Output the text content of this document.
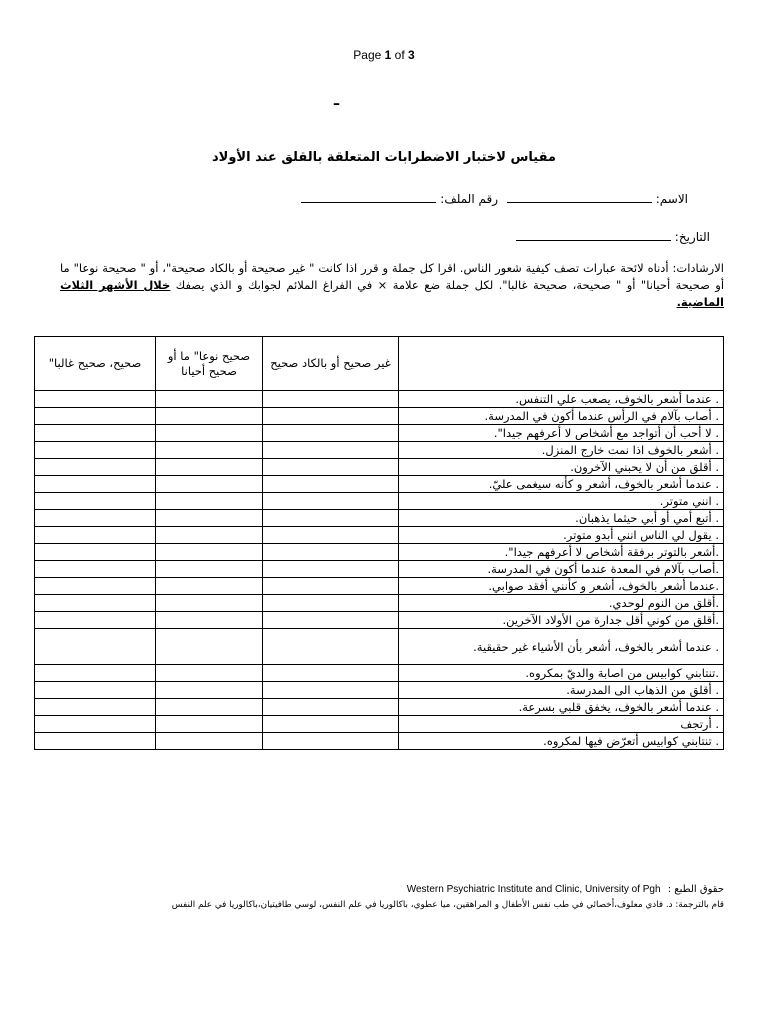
Page 1 of 3
–
مقياس لاختبار الاضطرابات المتعلقة بالقلق عند الأولاد
الاسم:
رقم الملف:
التاريخ:
الارشادات: أدناه لائحة عبارات تصف كيفية شعور الناس. اقرا كل جملة و قرر اذا كانت " غير صحيحة أو بالكاد صحيحة"، أو " صحيحة نوعا" ما أو صحيحة أحيانا" أو " صحيحة، صحيحة غالبا". لكل جملة ضع علامة × في الفراغ الملائم لجوابك و الذي يصفك خلال الأشهر الثلاث الماضية.
	غير صحيح أو بالكاد صحيح	صحيح نوعا" ما أو صحيح أحيانا	صحيح، صحيح غالبا"
. عندما أشعر بالخوف، يصعب علي التنفس.			
. أصاب بآلام في الرأس عندما أكون في المدرسة.			
. لا أحب أن أتواجد مع أشخاص لا أعرفهم جيدا".			
. أشعر بالخوف اذا نمت خارج المنزل.			
. أقلق من أن لا يحبني الآخرون.			
. عندما أشعر بالخوف، أشعر و كأنه سيغمى عليّ.			
. انني متوتر.			
. أتبع أمي أو أبي حيثما يذهبان.			
. يقول لي الناس انني أبدو متوتر.			
.أشعر بالتوتر برفقة أشخاص لا أعرفهم جيدا".			
.أصاب بآلام في المعدة عندما أكون في المدرسة.			
.عندما أشعر بالخوف، أشعر و كأنني أفقد صوابي.			
.أقلق من النوم لوحدي.			
.أقلق من كوني أقل جدارة من الأولاد الآخرين.			
. عندما أشعر بالخوف، أشعر بأن الأشياء غير حقيقية.			
.تنتابني كوابيس من اصابة والديّ بمكروه.			
. أقلق من الذهاب الى المدرسة.			
. عندما أشعر بالخوف، يخفق قلبي بسرعة.			
. أرتجف			
. تنتابني كوابيس أتعرّض فيها لمكروه.			
Western Psychiatric Institute and Clinic, University of Pgh حقوق الطبع :
قام بالترجمة: د. فادي معلوف،أخصائي في طب نفس الأطفال و المراهقين، ميا عطوي، باكالوريا في علم النفس، لوسي طافيتيان،باكالوريا في علم النفس
